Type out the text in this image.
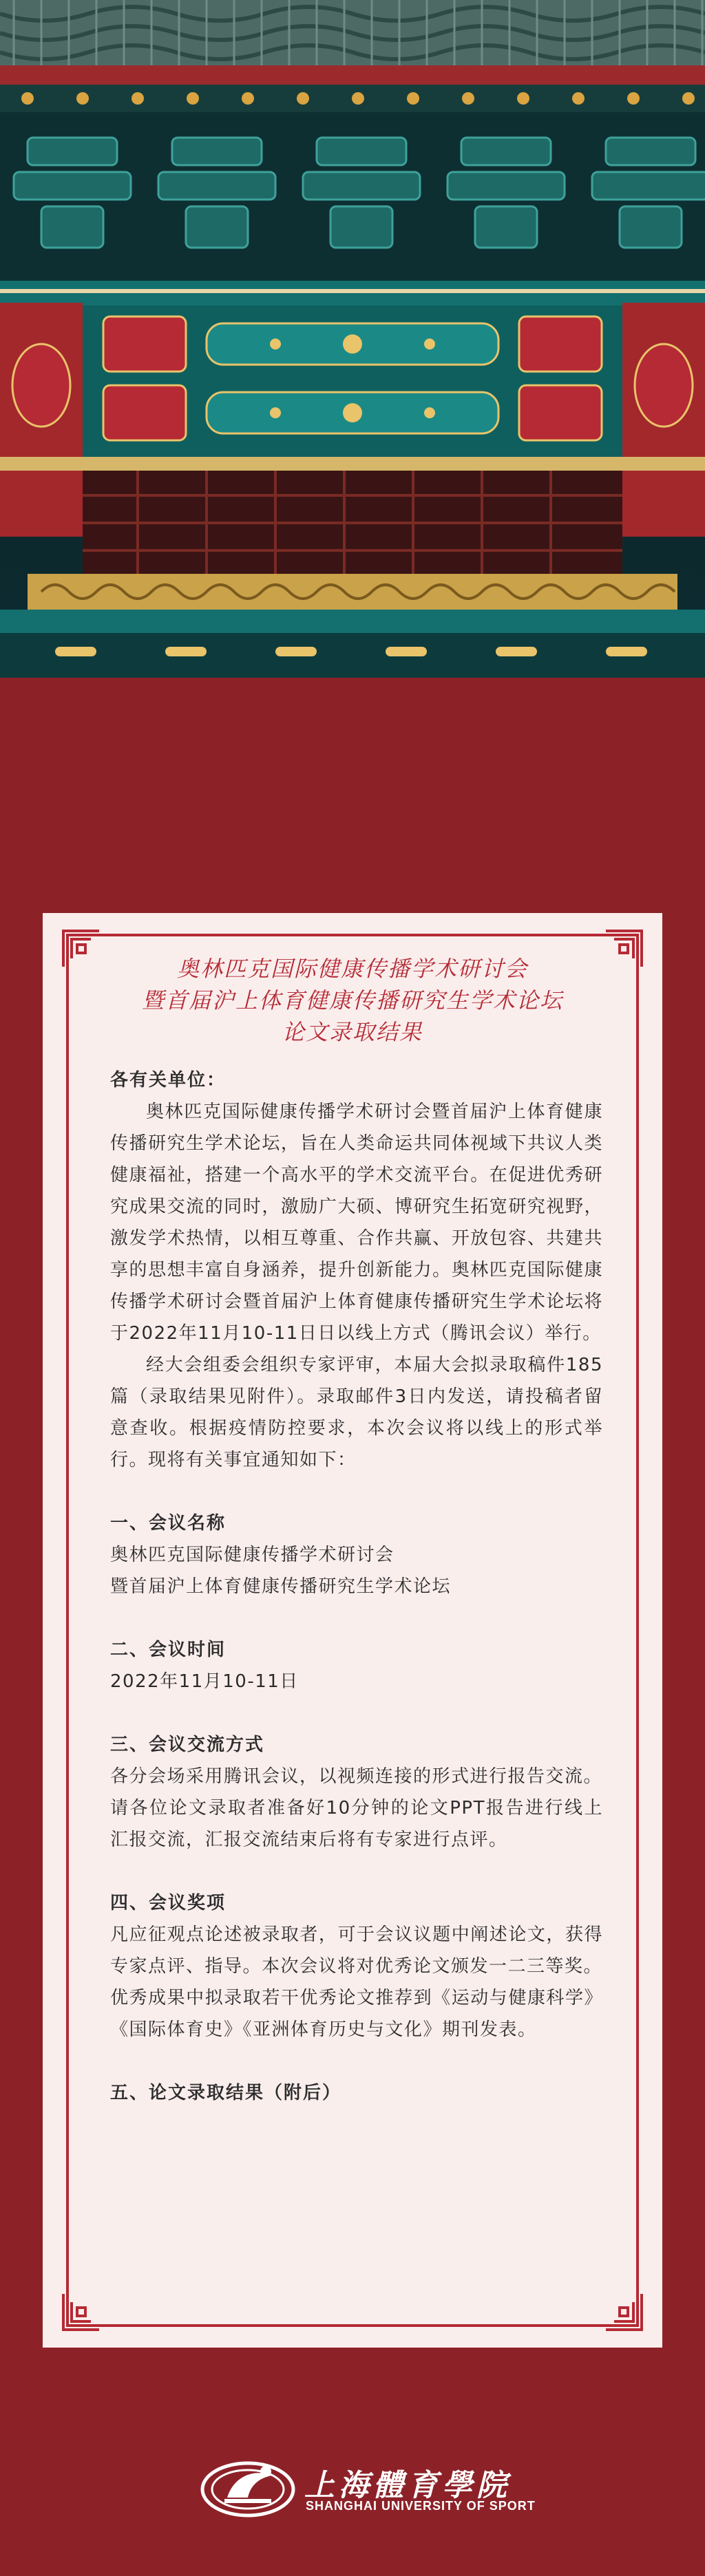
奥林匹克国际健康传播学术研讨会
暨首届沪上体育健康传播研究生学术论坛
论文录取结果
各有关单位：
奥林匹克国际健康传播学术研讨会暨首届沪上体育健康传播研究生学术论坛，旨在人类命运共同体视域下共议人类健康福祉，搭建一个高水平的学术交流平台。在促进优秀研究成果交流的同时，激励广大硕、博研究生拓宽研究视野，激发学术热情，以相互尊重、合作共赢、开放包容、共建共享的思想丰富自身涵养，提升创新能力。奥林匹克国际健康传播学术研讨会暨首届沪上体育健康传播研究生学术论坛将于2022年11月10-11日日以线上方式（腾讯会议）举行。
经大会组委会组织专家评审，本届大会拟录取稿件185篇（录取结果见附件）。录取邮件3日内发送，请投稿者留意查收。根据疫情防控要求，本次会议将以线上的形式举行。现将有关事宜通知如下：
一、会议名称
奥林匹克国际健康传播学术研讨会
暨首届沪上体育健康传播研究生学术论坛
二、会议时间
2022年11月10-11日
三、会议交流方式
各分会场采用腾讯会议，以视频连接的形式进行报告交流。
请各位论文录取者准备好10分钟的论文PPT报告进行线上汇报交流，汇报交流结束后将有专家进行点评。
四、会议奖项
凡应征观点论述被录取者，可于会议议题中阐述论文，获得专家点评、指导。本次会议将对优秀论文颁发一二三等奖。
优秀成果中拟录取若干优秀论文推荐到《运动与健康科学》《国际体育史》《亚洲体育历史与文化》期刊发表。
五、论文录取结果（附后）
上海體育學院
SHANGHAI UNIVERSITY OF SPORT
